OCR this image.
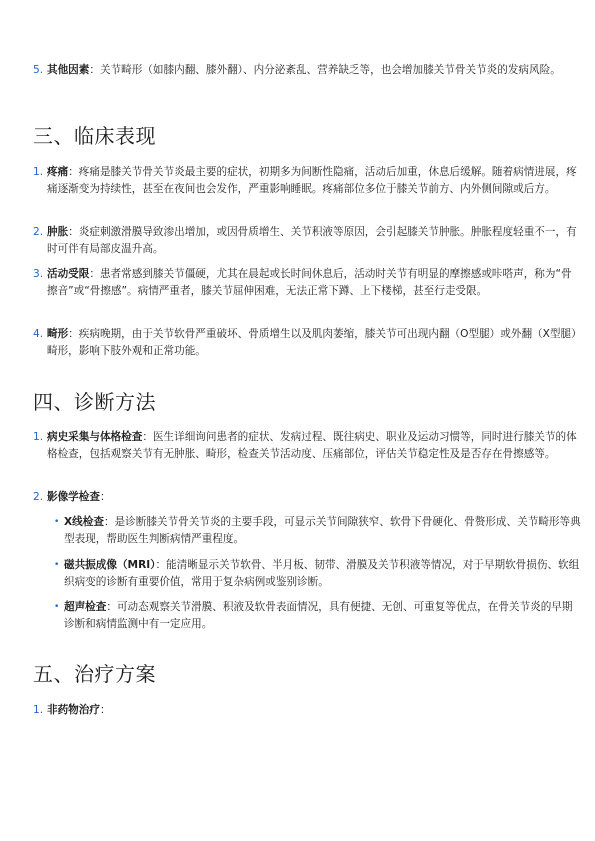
5. 其他因素：关节畸形（如膝内翻、膝外翻）、内分泌紊乱、营养缺乏等，也会增加膝关节骨关节炎的发病风险。
三、临床表现
1. 疼痛：疼痛是膝关节骨关节炎最主要的症状，初期多为间断性隐痛，活动后加重，休息后缓解。随着病情进展，疼痛逐渐变为持续性，甚至在夜间也会发作，严重影响睡眠。疼痛部位多位于膝关节前方、内外侧间隙或后方。
2. 肿胀：炎症刺激滑膜导致渗出增加，或因骨质增生、关节积液等原因，会引起膝关节肿胀。肿胀程度轻重不一，有时可伴有局部皮温升高。
3. 活动受限：患者常感到膝关节僵硬，尤其在晨起或长时间休息后，活动时关节有明显的摩擦感或咔嗒声，称为“骨擦音”或“骨擦感”。病情严重者，膝关节屈伸困难，无法正常下蹲、上下楼梯，甚至行走受限。
4. 畸形：疾病晚期，由于关节软骨严重破坏、骨质增生以及肌肉萎缩，膝关节可出现内翻（O型腿）或外翻（X型腿）畸形，影响下肢外观和正常功能。
四、诊断方法
1. 病史采集与体格检查：医生详细询问患者的症状、发病过程、既往病史、职业及运动习惯等，同时进行膝关节的体格检查，包括观察关节有无肿胀、畸形，检查关节活动度、压痛部位，评估关节稳定性及是否存在骨擦感等。
2. 影像学检查：
• X线检查：是诊断膝关节骨关节炎的主要手段，可显示关节间隙狭窄、软骨下骨硬化、骨赘形成、关节畸形等典型表现，帮助医生判断病情严重程度。
• 磁共振成像（MRI）：能清晰显示关节软骨、半月板、韧带、滑膜及关节积液等情况，对于早期软骨损伤、软组织病变的诊断有重要价值，常用于复杂病例或鉴别诊断。
• 超声检查：可动态观察关节滑膜、积液及软骨表面情况，具有便捷、无创、可重复等优点，在骨关节炎的早期诊断和病情监测中有一定应用。
五、治疗方案
1. 非药物治疗：
